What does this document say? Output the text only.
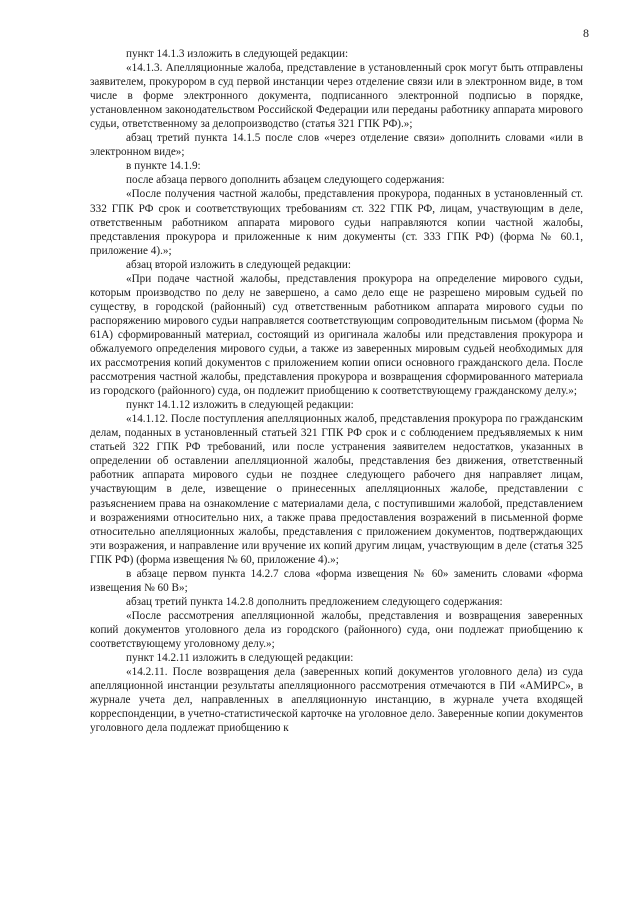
8

пункт 14.1.3 изложить в следующей редакции:

«14.1.3. Апелляционные жалоба, представление в установленный срок могут быть отправлены заявителем, прокурором в суд первой инстанции через отделение связи или в электронном виде, в том числе в форме электронного документа, подписанного электронной подписью в порядке, установленном законодательством Российской Федерации или переданы работнику аппарата мирового судьи, ответственному за делопроизводство (статья 321 ГПК РФ).»;

абзац третий пункта 14.1.5 после слов «через отделение связи» дополнить словами «или в электронном виде»;

в пункте 14.1.9:

после абзаца первого дополнить абзацем следующего содержания:

«После получения частной жалобы, представления прокурора, поданных в установленный ст. 332 ГПК РФ срок и соответствующих требованиям ст. 322 ГПК РФ, лицам, участвующим в деле, ответственным работником аппарата мирового судьи направляются копии частной жалобы, представления прокурора и приложенные к ним документы (ст. 333 ГПК РФ) (форма № 60.1, приложение 4).»;

абзац второй изложить в следующей редакции:

«При подаче частной жалобы, представления прокурора на определение мирового судьи, которым производство по делу не завершено, а само дело еще не разрешено мировым судьей по существу, в городской (районный) суд ответственным работником аппарата мирового судьи по распоряжению мирового судьи направляется соответствующим сопроводительным письмом (форма № 61А) сформированный материал, состоящий из оригинала жалобы или представления прокурора и обжалуемого определения мирового судьи, а также из заверенных мировым судьей необходимых для их рассмотрения копий документов с приложением копии описи основного гражданского дела. После рассмотрения частной жалобы, представления прокурора и возвращения сформированного материала из городского (районного) суда, он подлежит приобщению к соответствующему гражданскому делу.»;

пункт 14.1.12 изложить в следующей редакции:

«14.1.12. После поступления апелляционных жалоб, представления прокурора по гражданским делам, поданных в установленный статьей 321 ГПК РФ срок и с соблюдением предъявляемых к ним статьей 322 ГПК РФ требований, или после устранения заявителем недостатков, указанных в определении об оставлении апелляционной жалобы, представления без движения, ответственный работник аппарата мирового судьи не позднее следующего рабочего дня направляет лицам, участвующим в деле, извещение о принесенных апелляционных жалобе, представлении с разъяснением права на ознакомление с материалами дела, с поступившими жалобой, представлением и возражениями относительно них, а также права предоставления возражений в письменной форме относительно апелляционных жалобы, представления с приложением документов, подтверждающих эти возражения, и направление или вручение их копий другим лицам, участвующим в деле (статья 325 ГПК РФ) (форма извещения № 60, приложение 4).»;

в абзаце первом пункта 14.2.7 слова «форма извещения № 60» заменить словами «форма извещения № 60 В»;

абзац третий пункта 14.2.8 дополнить предложением следующего содержания:

«После рассмотрения апелляционной жалобы, представления и возвращения заверенных копий документов уголовного дела из городского (районного) суда, они подлежат приобщению к соответствующему уголовному делу.»;

пункт 14.2.11 изложить в следующей редакции:

«14.2.11. После возвращения дела (заверенных копий документов уголовного дела) из суда апелляционной инстанции результаты апелляционного рассмотрения отмечаются в ПИ «АМИРС», в журнале учета дел, направленных в апелляционную инстанцию, в журнале учета входящей корреспонденции, в учетно-статистической карточке на уголовное дело. Заверенные копии документов уголовного дела подлежат приобщению к
